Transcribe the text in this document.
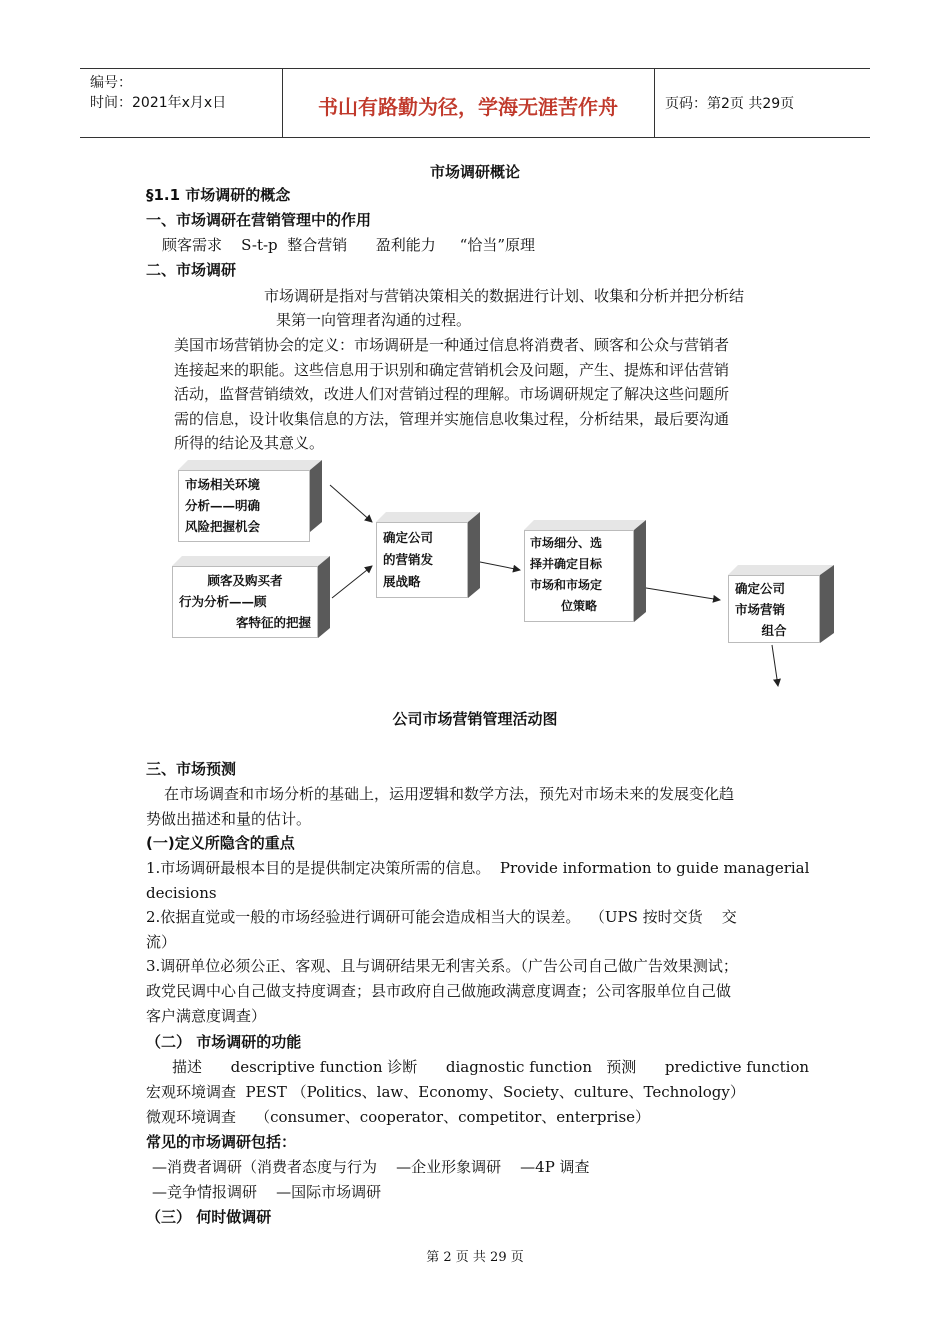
编号：
时间：2021年x月x日	书山有路勤为径，学海无涯苦作舟	页码：第2页 共29页
市场调研概论
§1.1 市场调研的概念
一、市场调研在营销管理中的作用
顾客需求    S-t-p  整合营销      盈利能力     “恰当”原理
二、市场调研
市场调研是指对与营销决策相关的数据进行计划、收集和分析并把分析结
果第一向管理者沟通的过程。
美国市场营销协会的定义：市场调研是一种通过信息将消费者、顾客和公众与营销者
连接起来的职能。这些信息用于识别和确定营销机会及问题，产生、提炼和评估营销
活动，监督营销绩效，改进人们对营销过程的理解。市场调研规定了解决这些问题所
需的信息，设计收集信息的方法，管理并实施信息收集过程，分析结果，最后要沟通
所得的结论及其意义。
市场相关环境
分析——明确
风险把握机会
顾客及购买者
行为分析——顾
客特征的把握
确定公司
的营销发
展战略
市场细分、选
择并确定目标
市场和市场定
位策略
确定公司
市场营销
组合
公司市场营销管理活动图
三、市场预测
在市场调查和市场分析的基础上，运用逻辑和数学方法，预先对市场未来的发展变化趋
势做出描述和量的估计。
(一)定义所隐含的重点
1.市场调研最根本目的是提供制定决策所需的信息。  Provide information to guide managerial
decisions
2.依据直觉或一般的市场经验进行调研可能会造成相当大的误差。  （UPS 按时交货    交
流）
3.调研单位必须公正、客观、且与调研结果无利害关系。（广告公司自己做广告效果测试；
政党民调中心自己做支持度调查；县市政府自己做施政满意度调查；公司客服单位自己做
客户满意度调查）
（二） 市场调研的功能
描述      descriptive function 诊断      diagnostic function   预测      predictive function
宏观环境调查  PEST （Politics、law、Economy、Society、culture、Technology）
微观环境调查    （consumer、cooperator、competitor、enterprise）
常见的市场调研包括：
—消费者调研（消费者态度与行为    —企业形象调研    —4P 调查
—竞争情报调研    —国际市场调研
（三） 何时做调研
第 2 页 共 29 页
